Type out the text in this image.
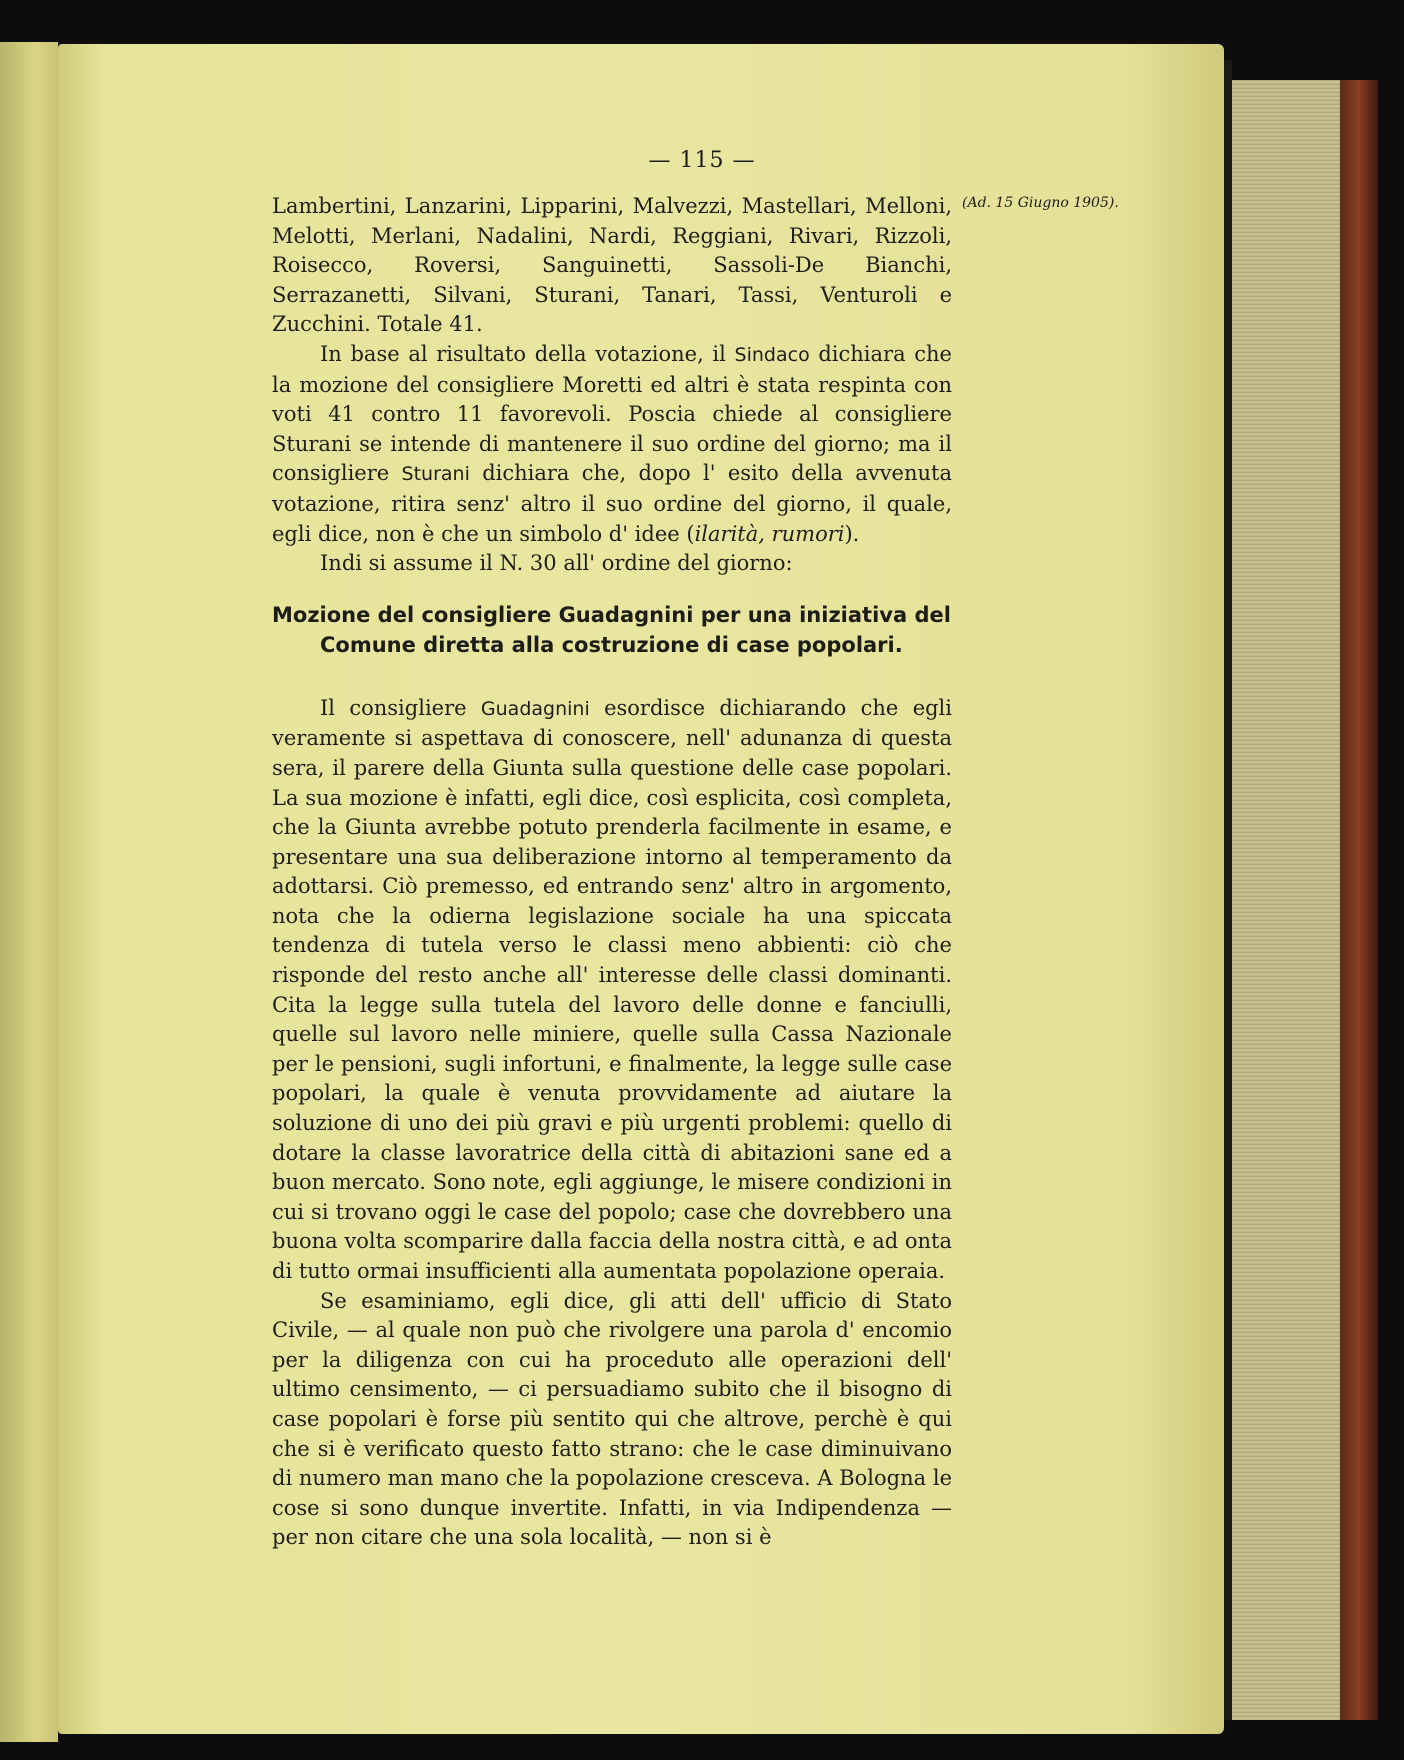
— 115 —
(Ad. 15 Giugno 1905).

Lambertini, Lanzarini, Lipparini, Malvezzi, Mastellari, Melloni, Melotti, Merlani, Nadalini, Nardi, Reggiani, Rivari, Rizzoli, Roisecco, Roversi, Sanguinetti, Sassoli-De Bianchi, Serrazanetti, Silvani, Sturani, Tanari, Tassi, Venturoli e Zucchini. Totale 41.

In base al risultato della votazione, il Sindaco dichiara che la mozione del consigliere Moretti ed altri è stata respinta con voti 41 contro 11 favorevoli. Poscia chiede al consigliere Sturani se intende di mantenere il suo ordine del giorno; ma il consigliere Sturani dichiara che, dopo l' esito della avvenuta votazione, ritira senz' altro il suo ordine del giorno, il quale, egli dice, non è che un simbolo d' idee (ilarità, rumori).

Indi si assume il N. 30 all' ordine del giorno:

Mozione del consigliere Guadagnini per una iniziativa del Comune diretta alla costruzione di case popolari.

Il consigliere Guadagnini esordisce dichiarando che egli veramente si aspettava di conoscere, nell' adunanza di questa sera, il parere della Giunta sulla questione delle case popolari. La sua mozione è infatti, egli dice, così esplicita, così completa, che la Giunta avrebbe potuto prenderla facilmente in esame, e presentare una sua deliberazione intorno al temperamento da adottarsi. Ciò premesso, ed entrando senz' altro in argomento, nota che la odierna legislazione sociale ha una spiccata tendenza di tutela verso le classi meno abbienti: ciò che risponde del resto anche all' interesse delle classi dominanti. Cita la legge sulla tutela del lavoro delle donne e fanciulli, quelle sul lavoro nelle miniere, quelle sulla Cassa Nazionale per le pensioni, sugli infortuni, e finalmente, la legge sulle case popolari, la quale è venuta provvidamente ad aiutare la soluzione di uno dei più gravi e più urgenti problemi: quello di dotare la classe lavoratrice della città di abitazioni sane ed a buon mercato. Sono note, egli aggiunge, le misere condizioni in cui si trovano oggi le case del popolo; case che dovrebbero una buona volta scomparire dalla faccia della nostra città, e ad onta di tutto ormai insufficienti alla aumentata popolazione operaia.

Se esaminiamo, egli dice, gli atti dell' ufficio di Stato Civile, — al quale non può che rivolgere una parola d' encomio per la diligenza con cui ha proceduto alle operazioni dell' ultimo censimento, — ci persuadiamo subito che il bisogno di case popolari è forse più sentito qui che altrove, perchè è qui che si è verificato questo fatto strano: che le case diminuivano di numero man mano che la popolazione cresceva. A Bologna le cose si sono dunque invertite. Infatti, in via Indipendenza — per non citare che una sola località, — non si è
